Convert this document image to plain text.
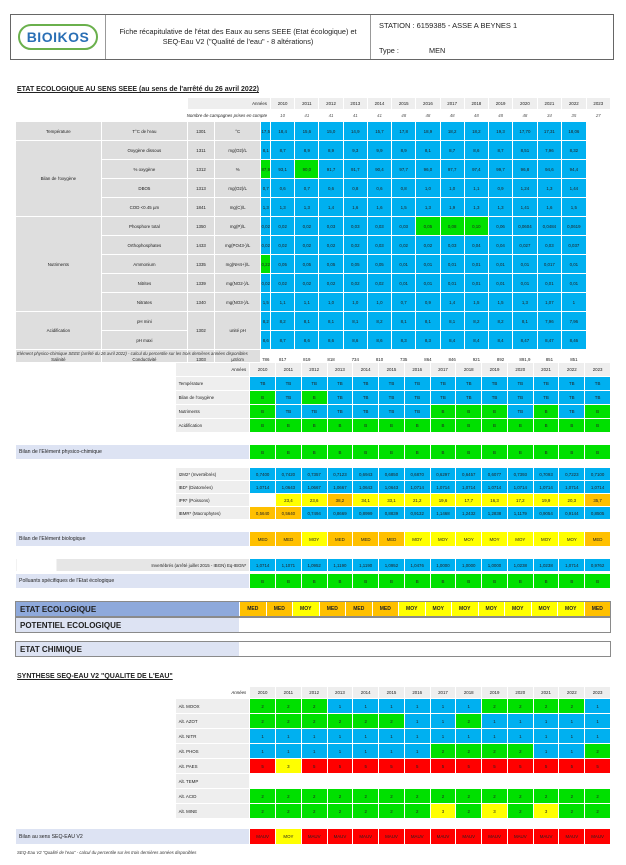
BIOIKOS	Fiche récapitulative de l'état des Eaux au sens SEEE (Etat écologique) et SEQ-Eau V2 ("Qualité de l'eau" - 8 altérations)
STATION : 6159385 - ASSE A BEYNES 1
Type :	MEN
ETAT ECOLOGIQUE AU SENS SEEE (au sens de l'arrêté du 26 avril 2022)
		Années			2010	2011	2012	2013	2014	2015	2016	2017	2018	2019	2020	2021	2022	2023
Nombre de campagnes prises en compte					10	41	41	41	41	48	48	48	48	48	48	34	35	27
Température	T°C de l'eau	1301	°C	17,5	18,4	15,6	15,0	14,9	15,7	17,8	18,9	18,2	18,2	19,3	17,70	17,31	18,06	
Bilan de l'oxygène	Oxygène dissous	1311	mg(O2)/L	8,1	8,7	8,9	8,9	9,3	9,9	8,9	8,1	8,7	8,6	8,7	8,51	7,96	8,32	
	% oxygène	1312	%	87,9	93,1	90,0	91,7	91,7	90,4	97,7	96,0	97,7	97,4	99,7	96,8	94,6	94,4	
	DBO5	1313	mg(O2)/L	0,7	0,6	0,7	0,6	0,8	0,6	0,8	1,0	1,0	1,1	0,9	1,24	1,3	1,44	
	COD <0.45 µm	1841	mg(C)/L	1,3	1,3	1,3	1,4	1,6	1,6	1,5	1,3	1,9	1,3	1,3	1,41	1,6	1,5	
Nutriments	Phosphore total	1350	mg(P)/L	0,02	0,02	0,02	0,03	0,03	0,03	0,03	0,05	0,08	0,10	0,06	0,0604	0,0484	0,0619	
	Orthophosphates	1433	mg(PO43-)/L	0,02	0,02	0,02	0,02	0,02	0,03	0,02	0,02	0,03	0,04	0,04	0,027	0,03	0,037	
	Ammonium	1335	mg(NH4+)/L	0,22	0,05	0,05	0,05	0,05	0,05	0,01	0,01	0,01	0,01	0,01	0,01	0,017	0,01	
	Nitrites	1339	mg(NO2-)/L	0,02	0,02	0,02	0,02	0,02	0,02	0,01	0,01	0,01	0,01	0,01	0,01	0,01	0,01	
	Nitrates	1340	mg(NO3-)/L	1,5	1,1	1,1	1,0	1,0	1,0	0,7	0,9	1,4	1,5	1,5	1,3	1,07	1	
Acidification	pH mini	1302	unité pH	8,2	8,2	8,1	8,1	8,1	8,2	8,1	8,1	8,1	8,2	8,2	8,1	7,96	7,96	
	pH maxi			8,6	8,7	8,6	8,6	8,6	8,6	8,3	8,3	8,4	8,4	8,4	8,47	8,47	8,46	
Salinité	Conductivité	1303	µS/cm	786	817	819	818	734	810	735	864	846	921	892	891,9	851	851	
Elément physico-chimique SEEE (arrêté du 26 avril 2022) - calcul du percentile sur les trois dernières années disponibles
	Années	2010	2011	2012	2013	2014	2015	2016	2017	2018	2019	2020	2021	2022	2023
	Température	TB	TB	TB	TB	TB	TB	TB	TB	TB	TB	TB	TB	TB	TB
	Bilan de l'oxygène	B	TB	B	TB	TB	TB	TB	TB	TB	TB	TB	TB	TB	TB
	Nutriments	B	TB	TB	TB	TB	TB	TB	B	B	B	TB	B	TB	B
	Acidification	B	B	B	B	B	B	B	B	B	B	B	B	B	B

Bilan de l'Elément physico-chimique		B	B	B	B	B	B	B	B	B	B	B	B	B	B
	I2M2* (Invertébrés)	0,7400	0,7420	0,7357	0,7123	0,6943	0,6850	0,6870	0,6297	0,6457	0,6077	0,7393	0,7093	0,7223	0,7100
	IBD* (Diatomées)	1,0714	1,0643	1,0667	1,0667	1,0643	1,0643	1,0714	1,0714	1,0714	1,0714	1,0714	1,0714	1,0714	1,0714
	IPR* (Poissons)		23,4	23,6	38,2	34,1	33,1	21,2	19,6	17,7	16,3	17,2	19,9	20,3	35,7
	IBMR* (Macrophytes)	0,5640	0,5640	0,7494	0,8669	0,8999	0,8839	0,9132	1,1468	1,2432	1,2838	1,1179	0,9054	0,9144	0,8505

Bilan de l'Elément biologique		MED	MED	MOY	MED	MED	MED	MOY	MOY	MOY	MOY	MOY	MOY	MOY	MED

Invertébrés (arrêté juillet 2015 - IBGN) Eq-IBGN*		1,0714	1,1071	1,0952	1,1190	1,1190	1,0952	1,0476	1,0000	1,0000	1,0000	1,0238	1,0238	1,0714	0,9762
Polluants spécifiques de l'Etat écologique	B	B	B	B	B	B	B	B	B	B	B	B	B	B
ETAT ECOLOGIQUE	MED	MED	MOY	MED	MED	MED	MOY	MOY	MOY	MOY	MOY	MOY	MOY	MED
POTENTIEL ECOLOGIQUE
ETAT CHIMIQUE
SYNTHESE SEQ-EAU V2 "QUALITE DE L'EAU"
	Années	2010	2011	2012	2013	2014	2015	2016	2017	2018	2019	2020	2021	2022	2023
	Alt. MOOX	2	2	2	1	1	1	1	1	1	2	2	2	2	1
	Alt. AZOT	2	2	2	2	2	2	1	1	2	1	1	1	1	1
	Alt. NITR	1	1	1	1	1	1	1	1	1	1	1	1	1	1
	Alt. PHOS	1	1	1	1	1	1	1	2	2	2	2	1	1	2
	Alt. PAES	5	3	5	5	5	5	5	5	5	5	5	5	5	5
	Alt. TEMP														
	Alt. ACID	2	2	2	2	2	2	2	2	2	2	2	2	2	2
	Alt. MINE	2	2	2	2	2	2	2	3	2	3	2	3	2	2
Bilan au sens SEQ-EAU V2	MAUV	MOY	MAUV	MAUV	MAUV	MAUV	MAUV	MAUV	MAUV	MAUV	MAUV	MAUV	MAUV	MAUV
SEQ-Eau V2 "Qualité de l'eau" - calcul du percentile sur les trois dernières années disponibles
